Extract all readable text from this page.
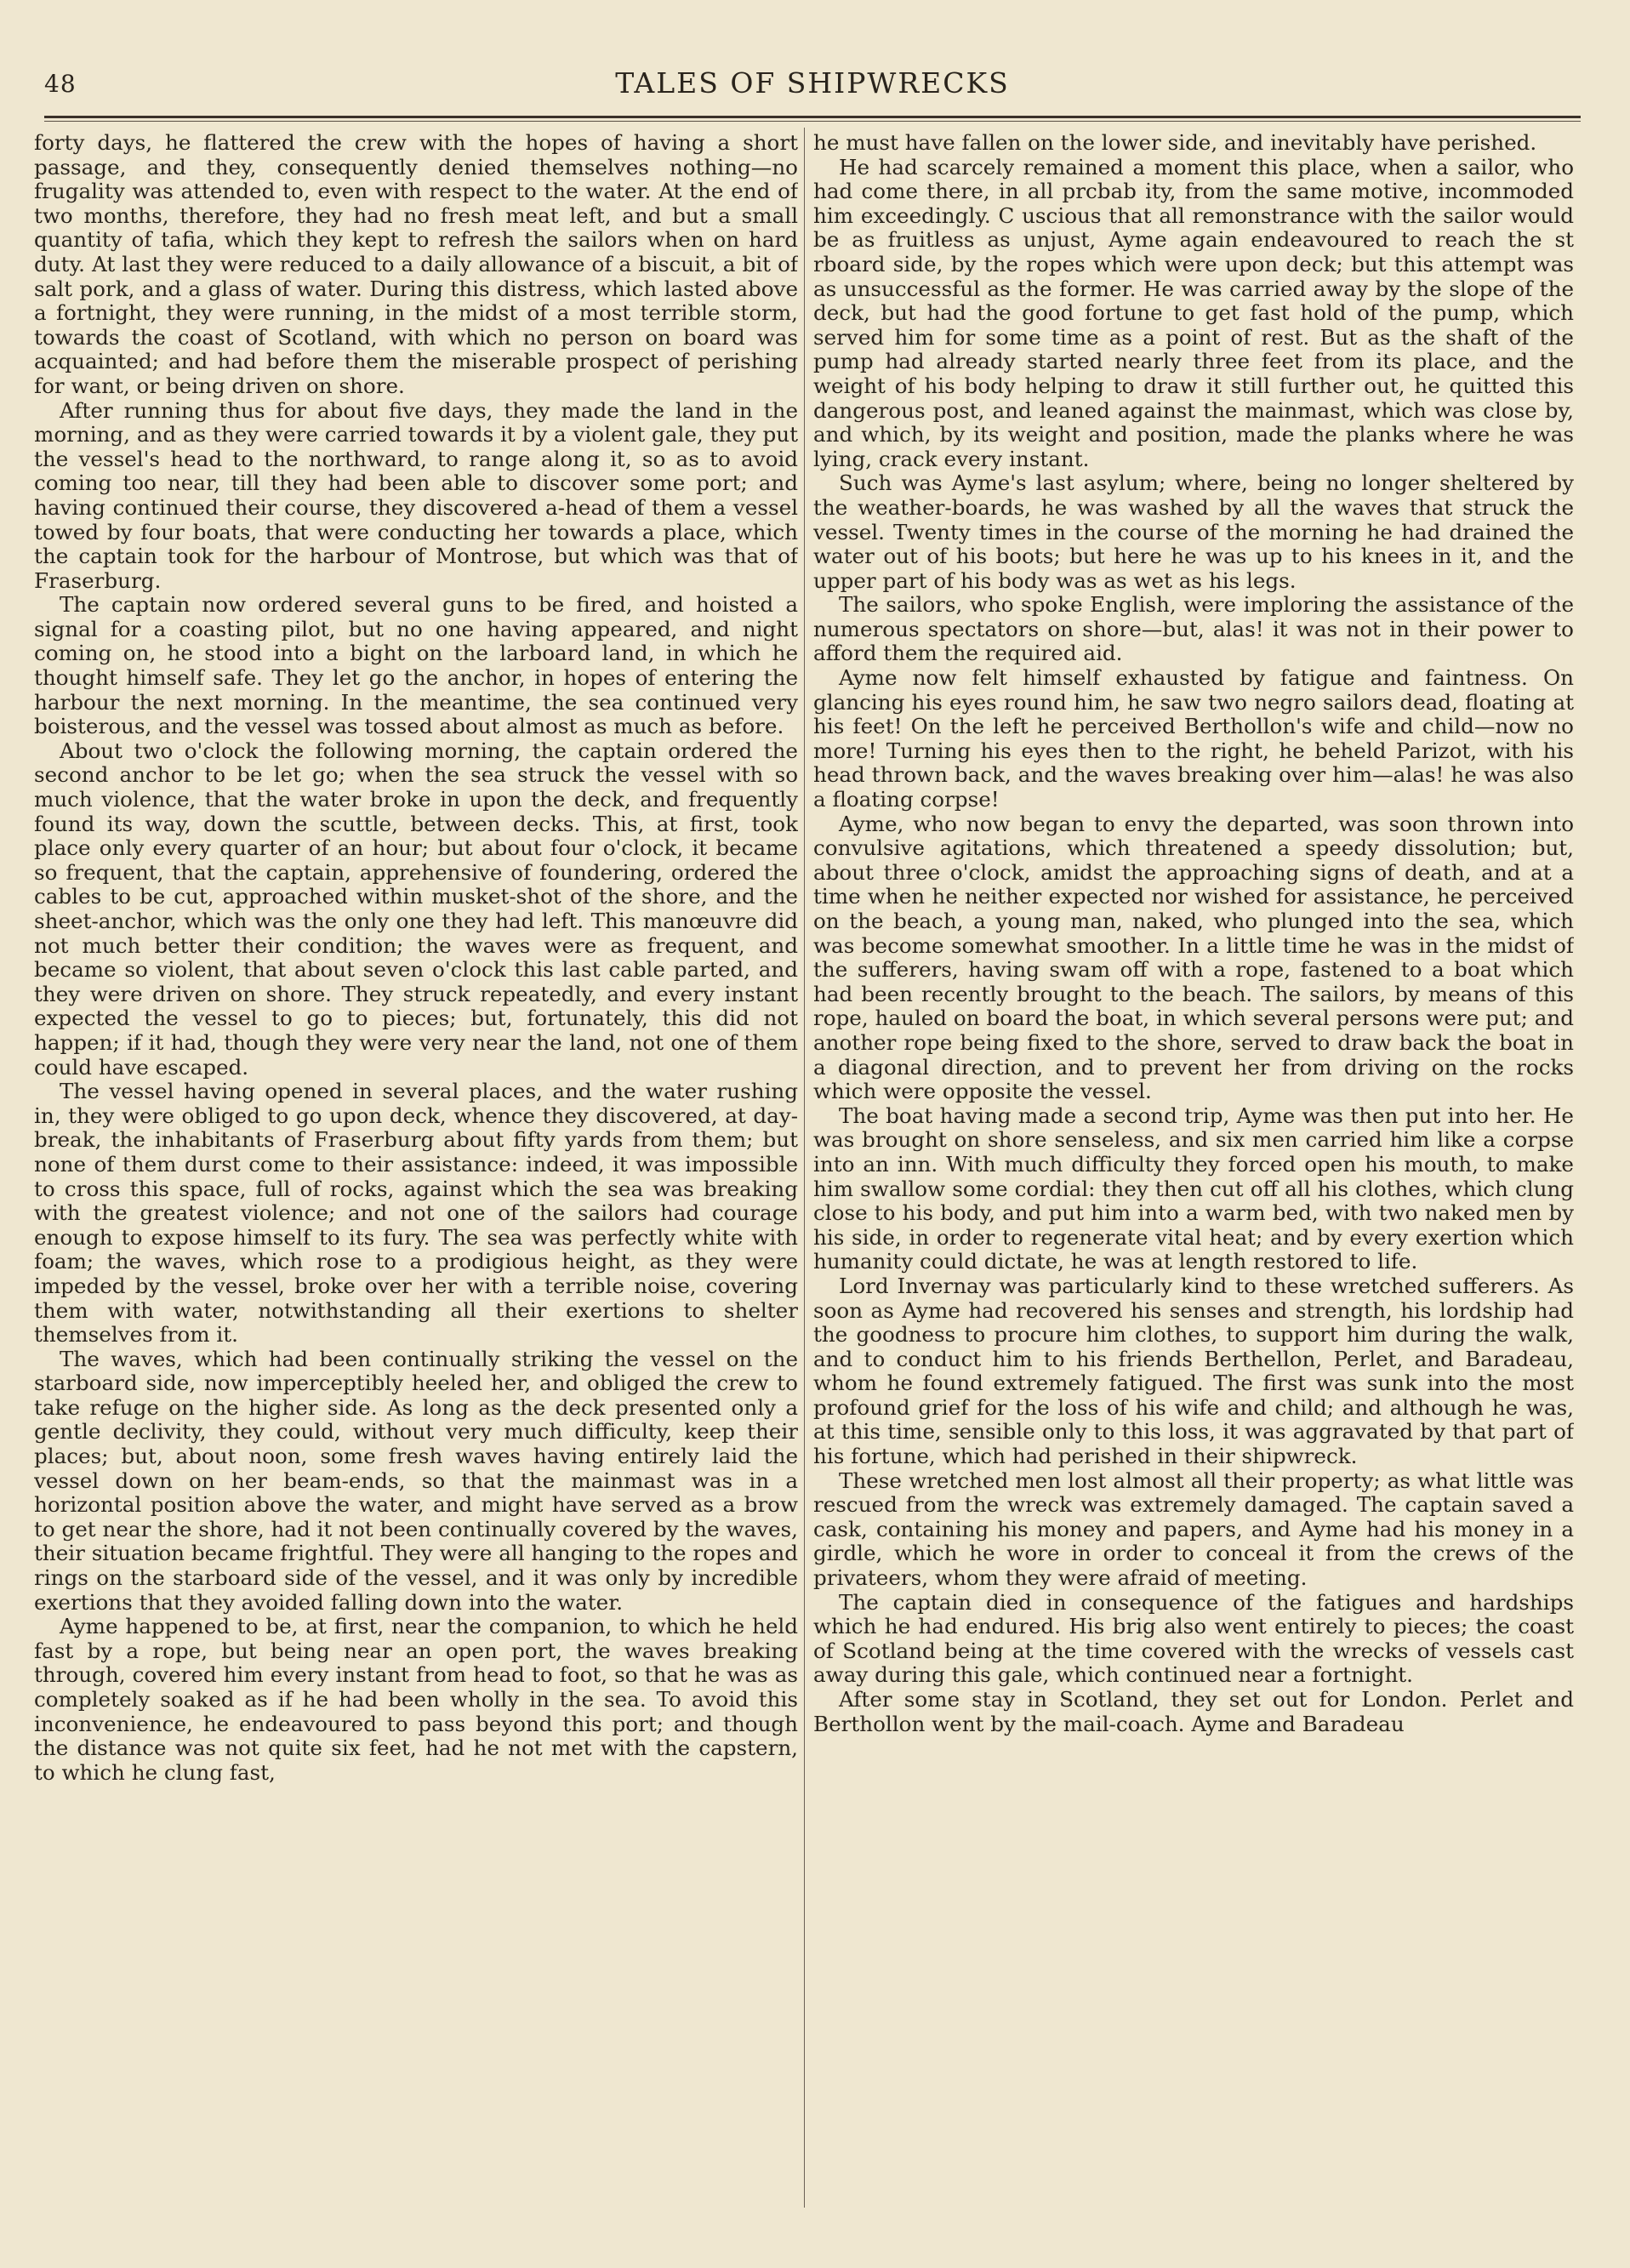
48	TALES OF SHIPWRECKS

forty days, he flattered the crew with the hopes of having a short passage, and they, consequently denied themselves nothing—no frugality was attended to, even with respect to the water. At the end of two months, therefore, they had no fresh meat left, and but a small quantity of tafia, which they kept to refresh the sailors when on hard duty. At last they were reduced to a daily allowance of a biscuit, a bit of salt pork, and a glass of water. During this distress, which lasted above a fortnight, they were running, in the midst of a most terrible storm, towards the coast of Scotland, with which no person on board was acquainted; and had before them the miserable prospect of perishing for want, or being driven on shore.

After running thus for about five days, they made the land in the morning, and as they were carried towards it by a violent gale, they put the vessel's head to the northward, to range along it, so as to avoid coming too near, till they had been able to discover some port; and having continued their course, they discovered a-head of them a vessel towed by four boats, that were conducting her towards a place, which the captain took for the harbour of Montrose, but which was that of Fraserburg.

The captain now ordered several guns to be fired, and hoisted a signal for a coasting pilot, but no one having appeared, and night coming on, he stood into a bight on the larboard land, in which he thought himself safe. They let go the anchor, in hopes of entering the harbour the next morning. In the meantime, the sea continued very boisterous, and the vessel was tossed about almost as much as before.

About two o'clock the following morning, the captain ordered the second anchor to be let go; when the sea struck the vessel with so much violence, that the water broke in upon the deck, and frequently found its way, down the scuttle, between decks. This, at first, took place only every quarter of an hour; but about four o'clock, it became so frequent, that the captain, apprehensive of foundering, ordered the cables to be cut, approached within musket-shot of the shore, and the sheet-anchor, which was the only one they had left. This manœuvre did not much better their condition; the waves were as frequent, and became so violent, that about seven o'clock this last cable parted, and they were driven on shore. They struck repeatedly, and every instant expected the vessel to go to pieces; but, fortunately, this did not happen; if it had, though they were very near the land, not one of them could have escaped.

The vessel having opened in several places, and the water rushing in, they were obliged to go upon deck, whence they discovered, at day-break, the inhabitants of Fraserburg about fifty yards from them; but none of them durst come to their assistance: indeed, it was impossible to cross this space, full of rocks, against which the sea was breaking with the greatest violence; and not one of the sailors had courage enough to expose himself to its fury. The sea was perfectly white with foam; the waves, which rose to a prodigious height, as they were impeded by the vessel, broke over her with a terrible noise, covering them with water, notwithstanding all their exertions to shelter themselves from it.

The waves, which had been continually striking the vessel on the starboard side, now imperceptibly heeled her, and obliged the crew to take refuge on the higher side. As long as the deck presented only a gentle declivity, they could, without very much difficulty, keep their places; but, about noon, some fresh waves having entirely laid the vessel down on her beam-ends, so that the mainmast was in a horizontal position above the water, and might have served as a brow to get near the shore, had it not been continually covered by the waves, their situation became frightful. They were all hanging to the ropes and rings on the starboard side of the vessel, and it was only by incredible exertions that they avoided falling down into the water.

Ayme happened to be, at first, near the companion, to which he held fast by a rope, but being near an open port, the waves breaking through, covered him every instant from head to foot, so that he was as completely soaked as if he had been wholly in the sea. To avoid this inconvenience, he endeavoured to pass beyond this port; and though the distance was not quite six feet, had he not met with the capstern, to which he clung fast,

he must have fallen on the lower side, and inevitably have perished.

He had scarcely remained a moment this place, when a sailor, who had come there, in all prcbab ity, from the same motive, incommoded him exceedingly. C uscious that all remonstrance with the sailor would be as fruitless as unjust, Ayme again endeavoured to reach the st rboard side, by the ropes which were upon deck; but this attempt was as unsuccessful as the former. He was carried away by the slope of the deck, but had the good fortune to get fast hold of the pump, which served him for some time as a point of rest. But as the shaft of the pump had already started nearly three feet from its place, and the weight of his body helping to draw it still further out, he quitted this dangerous post, and leaned against the mainmast, which was close by, and which, by its weight and position, made the planks where he was lying, crack every instant.

Such was Ayme's last asylum; where, being no longer sheltered by the weather-boards, he was washed by all the waves that struck the vessel. Twenty times in the course of the morning he had drained the water out of his boots; but here he was up to his knees in it, and the upper part of his body was as wet as his legs.

The sailors, who spoke English, were imploring the assistance of the numerous spectators on shore—but, alas! it was not in their power to afford them the required aid.

Ayme now felt himself exhausted by fatigue and faintness. On glancing his eyes round him, he saw two negro sailors dead, floating at his feet! On the left he perceived Berthollon's wife and child—now no more! Turning his eyes then to the right, he beheld Parizot, with his head thrown back, and the waves breaking over him—alas! he was also a floating corpse!

Ayme, who now began to envy the departed, was soon thrown into convulsive agitations, which threatened a speedy dissolution; but, about three o'clock, amidst the approaching signs of death, and at a time when he neither expected nor wished for assistance, he perceived on the beach, a young man, naked, who plunged into the sea, which was become somewhat smoother. In a little time he was in the midst of the sufferers, having swam off with a rope, fastened to a boat which had been recently brought to the beach. The sailors, by means of this rope, hauled on board the boat, in which several persons were put; and another rope being fixed to the shore, served to draw back the boat in a diagonal direction, and to prevent her from driving on the rocks which were opposite the vessel.

The boat having made a second trip, Ayme was then put into her. He was brought on shore senseless, and six men carried him like a corpse into an inn. With much difficulty they forced open his mouth, to make him swallow some cordial: they then cut off all his clothes, which clung close to his body, and put him into a warm bed, with two naked men by his side, in order to regenerate vital heat; and by every exertion which humanity could dictate, he was at length restored to life.

Lord Invernay was particularly kind to these wretched sufferers. As soon as Ayme had recovered his senses and strength, his lordship had the goodness to procure him clothes, to support him during the walk, and to conduct him to his friends Berthellon, Perlet, and Baradeau, whom he found extremely fatigued. The first was sunk into the most profound grief for the loss of his wife and child; and although he was, at this time, sensible only to this loss, it was aggravated by that part of his fortune, which had perished in their shipwreck.

These wretched men lost almost all their property; as what little was rescued from the wreck was extremely damaged. The captain saved a cask, containing his money and papers, and Ayme had his money in a girdle, which he wore in order to conceal it from the crews of the privateers, whom they were afraid of meeting.

The captain died in consequence of the fatigues and hardships which he had endured. His brig also went entirely to pieces; the coast of Scotland being at the time covered with the wrecks of vessels cast away during this gale, which continued near a fortnight.

After some stay in Scotland, they set out for London. Perlet and Berthollon went by the mail-coach. Ayme and Baradeau
